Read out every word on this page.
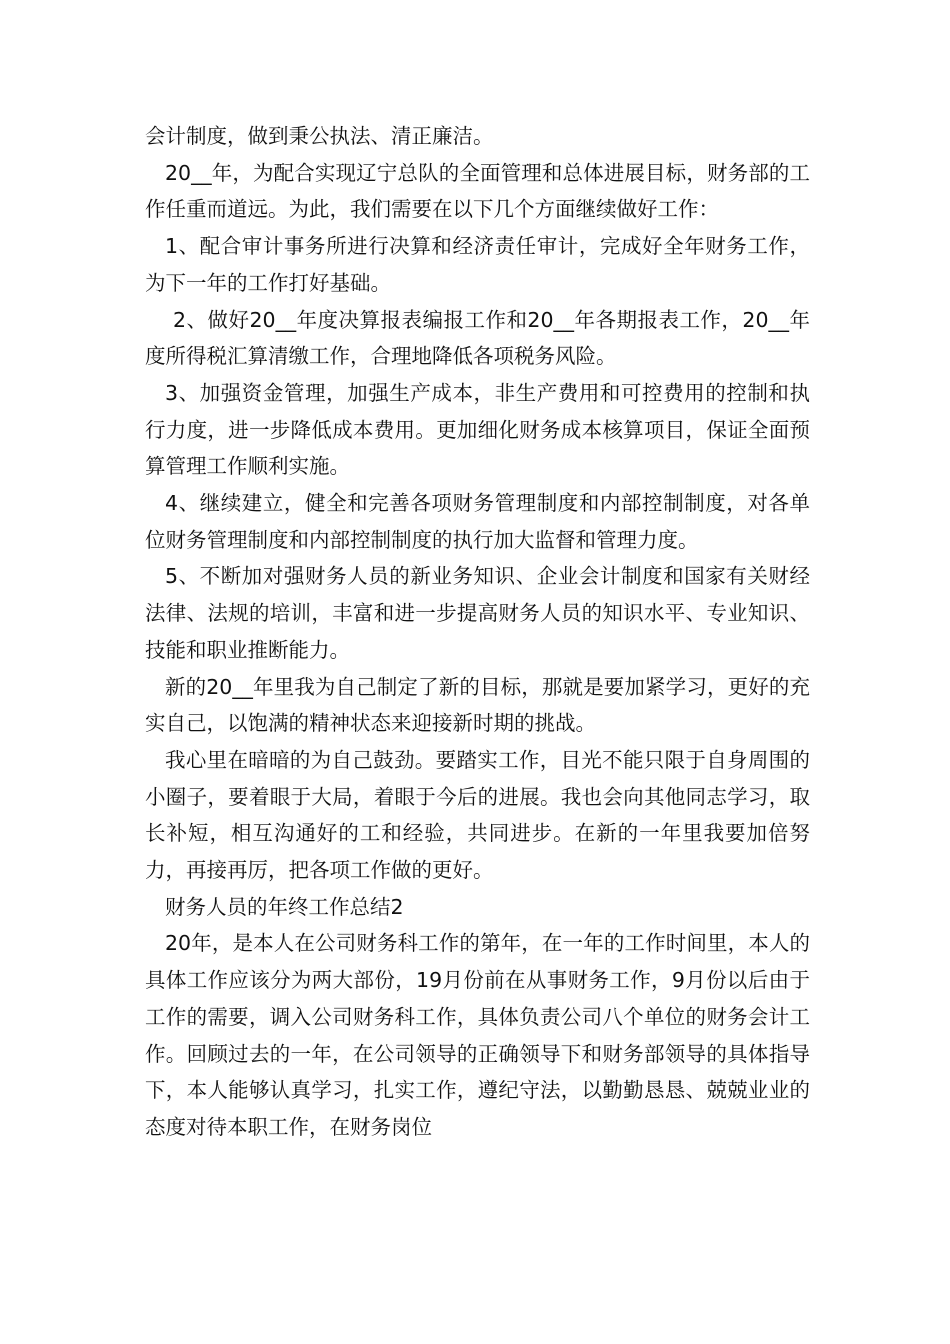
会计制度，做到秉公执法、清正廉洁。

20__年，为配合实现辽宁总队的全面管理和总体进展目标，财务部的工作任重而道远。为此，我们需要在以下几个方面继续做好工作：

1、配合审计事务所进行决算和经济责任审计，完成好全年财务工作，为下一年的工作打好基础。

2、做好20__年度决算报表编报工作和20__年各期报表工作，20__年度所得税汇算清缴工作，合理地降低各项税务风险。

3、加强资金管理，加强生产成本，非生产费用和可控费用的控制和执行力度，进一步降低成本费用。更加细化财务成本核算项目，保证全面预算管理工作顺利实施。

4、继续建立，健全和完善各项财务管理制度和内部控制制度，对各单位财务管理制度和内部控制制度的执行加大监督和管理力度。

5、不断加对强财务人员的新业务知识、企业会计制度和国家有关财经法律、法规的培训，丰富和进一步提高财务人员的知识水平、专业知识、技能和职业推断能力。

新的20__年里我为自己制定了新的目标，那就是要加紧学习，更好的充实自己，以饱满的精神状态来迎接新时期的挑战。

我心里在暗暗的为自己鼓劲。要踏实工作，目光不能只限于自身周围的小圈子，要着眼于大局，着眼于今后的进展。我也会向其他同志学习，取长补短，相互沟通好的工和经验，共同进步。在新的一年里我要加倍努力，再接再厉，把各项工作做的更好。

财务人员的年终工作总结2

20年，是本人在公司财务科工作的第年，在一年的工作时间里，本人的具体工作应该分为两大部份，19月份前在从事财务工作，9月份以后由于工作的需要，调入公司财务科工作，具体负责公司八个单位的财务会计工作。回顾过去的一年，在公司领导的正确领导下和财务部领导的具体指导下，本人能够认真学习，扎实工作，遵纪守法，以勤勤恳恳、兢兢业业的态度对待本职工作，在财务岗位
